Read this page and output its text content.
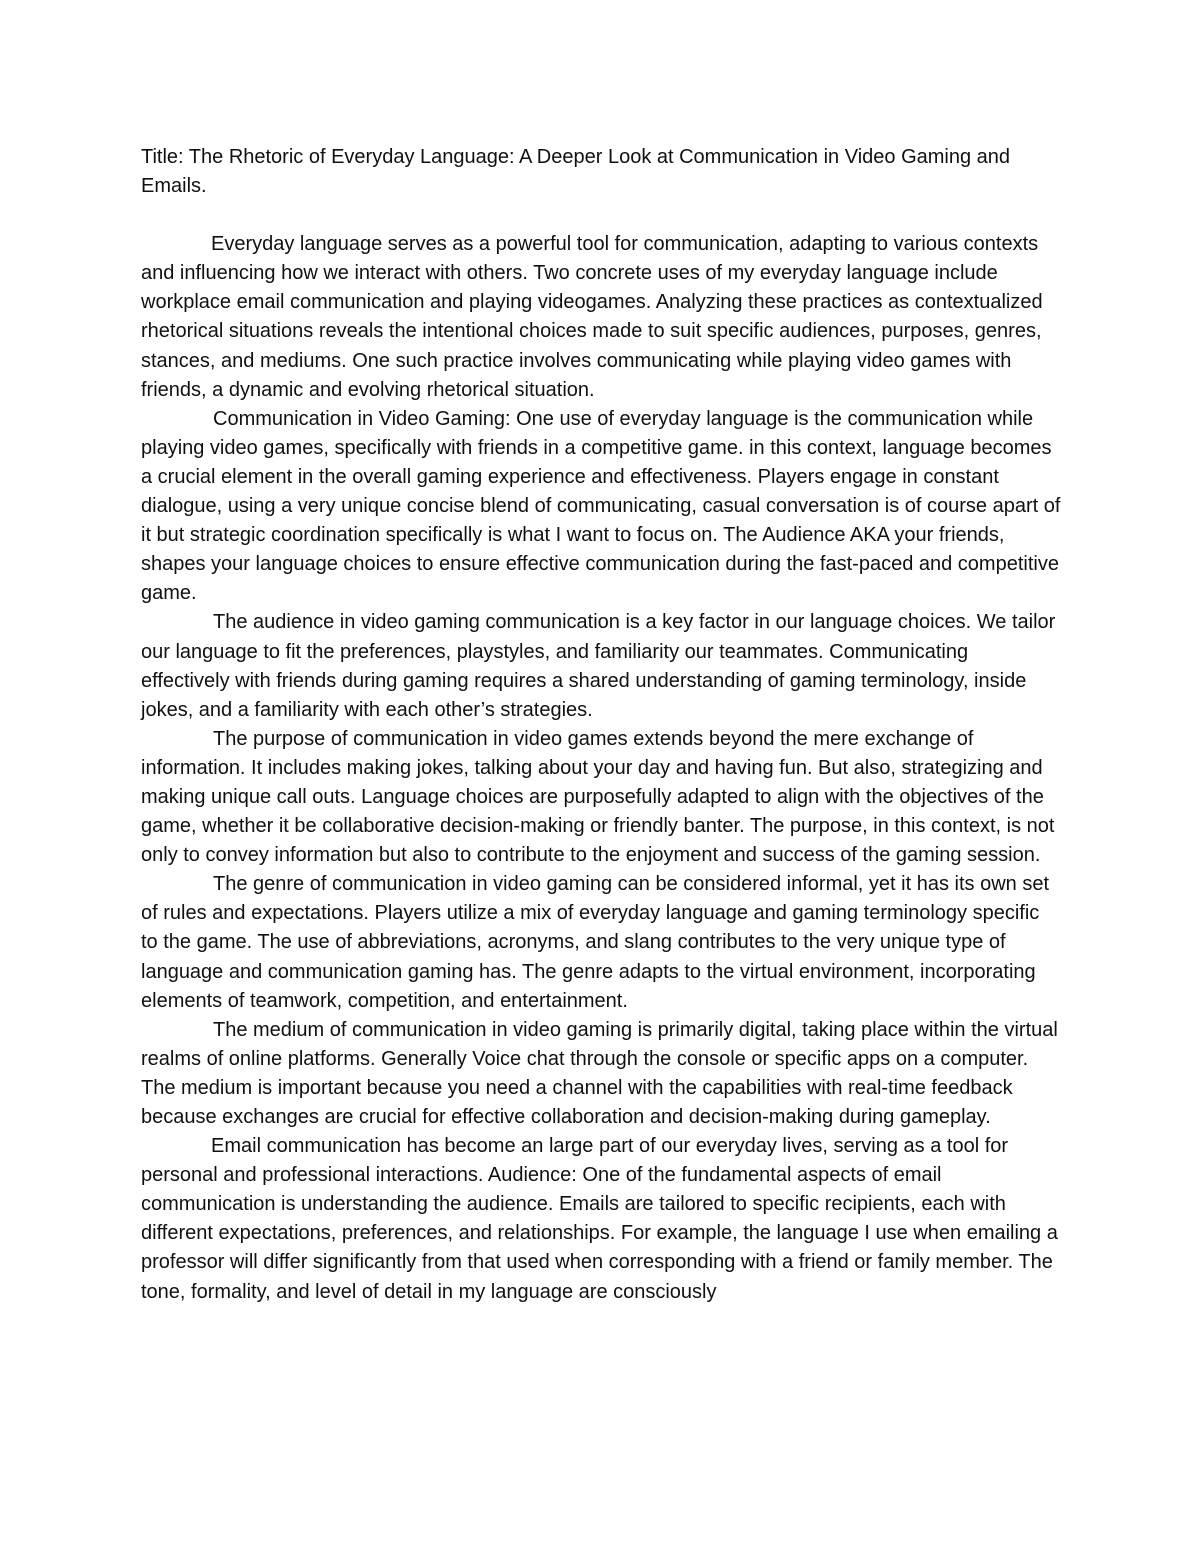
Title: The Rhetoric of Everyday Language: A Deeper Look at Communication in Video Gaming and Emails.

Everyday language serves as a powerful tool for communication, adapting to various contexts and influencing how we interact with others. Two concrete uses of my everyday language include workplace email communication and playing videogames. Analyzing these practices as contextualized rhetorical situations reveals the intentional choices made to suit specific audiences, purposes, genres, stances, and mediums. One such practice involves communicating while playing video games with friends, a dynamic and evolving rhetorical situation.

Communication in Video Gaming: One use of everyday language is the communication while playing video games, specifically with friends in a competitive game. in this context, language becomes a crucial element in the overall gaming experience and effectiveness. Players engage in constant dialogue, using a very unique concise blend of communicating, casual conversation is of course apart of it but strategic coordination specifically is what I want to focus on. The Audience AKA your friends, shapes your language choices to ensure effective communication during the fast-paced and competitive game.

The audience in video gaming communication is a key factor in our language choices. We tailor our language to fit the preferences, playstyles, and familiarity our teammates. Communicating effectively with friends during gaming requires a shared understanding of gaming terminology, inside jokes, and a familiarity with each other’s strategies.

The purpose of communication in video games extends beyond the mere exchange of information. It includes making jokes, talking about your day and having fun. But also, strategizing and making unique call outs. Language choices are purposefully adapted to align with the objectives of the game, whether it be collaborative decision-making or friendly banter. The purpose, in this context, is not only to convey information but also to contribute to the enjoyment and success of the gaming session.

The genre of communication in video gaming can be considered informal, yet it has its own set of rules and expectations. Players utilize a mix of everyday language and gaming terminology specific to the game. The use of abbreviations, acronyms, and slang contributes to the very unique type of language and communication gaming has. The genre adapts to the virtual environment, incorporating elements of teamwork, competition, and entertainment.

The medium of communication in video gaming is primarily digital, taking place within the virtual realms of online platforms. Generally Voice chat through the console or specific apps on a computer. The medium is important because you need a channel with the capabilities with real-time feedback because exchanges are crucial for effective collaboration and decision-making during gameplay.

Email communication has become an large part of our everyday lives, serving as a tool for personal and professional interactions. Audience: One of the fundamental aspects of email communication is understanding the audience. Emails are tailored to specific recipients, each with different expectations, preferences, and relationships. For example, the language I use when emailing a professor will differ significantly from that used when corresponding with a friend or family member. The tone, formality, and level of detail in my language are consciously
